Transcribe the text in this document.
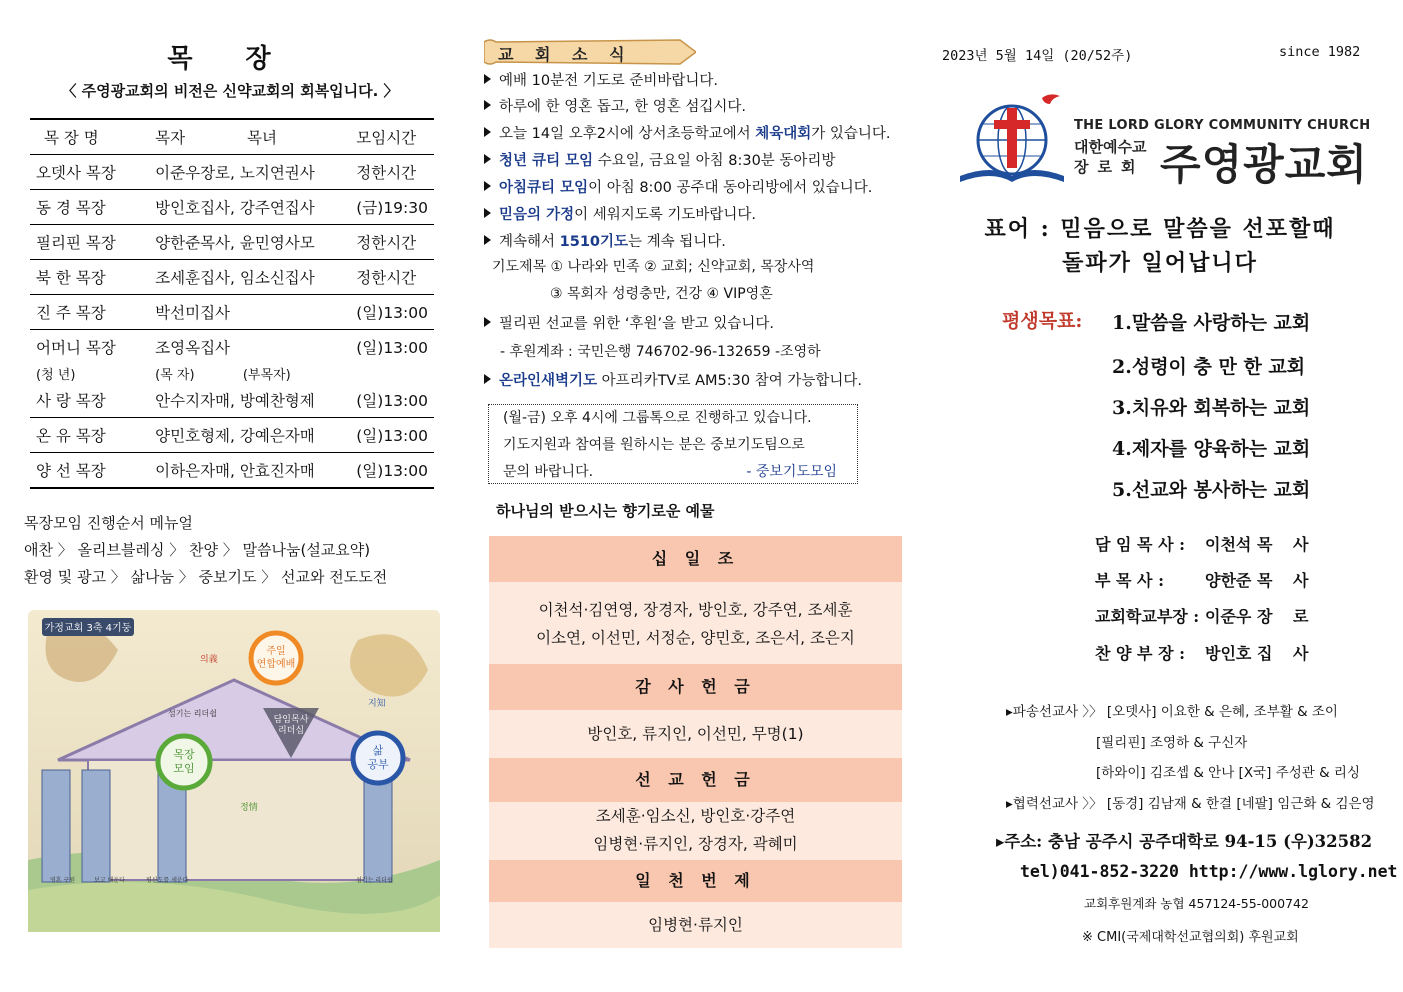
목 장
〈 주영광교회의 비전은 신약교회의 회복입니다. 〉
목 장 명	목자 목녀	모임시간
오뎃사 목장	이준우장로, 노지연권사	정한시간
동 경 목장	방인호집사, 강주연집사	(금)19:30
필리핀 목장	양한준목사, 윤민영사모	정한시간
북 한 목장	조세훈집사, 임소신집사	정한시간
진 주 목장	박선미집사	(일)13:00
어머니 목장	조영옥집사	(일)13:00
(청 년)	(목 자) (부목자)	
사 랑 목장	안수지자매, 방예찬형제	(일)13:00
온 유 목장	양민호형제, 강예은자매	(일)13:00
양 선 목장	이하은자매, 안효진자매	(일)13:00
목장모임 진행순서 메뉴얼
애찬 〉 올리브블레싱 〉 찬양 〉 말씀나눔(설교요약)
환영 및 광고 〉 삶나눔 〉 중보기도 〉 선교와 전도도전
담임목사
리더십
주일
연합예배
목장
모임
삶
공부
가정교회 3축 4기둥
의義
지知
정情
섬기는 리더쉽
영혼 구원	보고 배운다	평신도를 세운다	섬기는 리더쉽
교 회 소 식
예배 10분전 기도로 준비바랍니다.
하루에 한 영혼 돕고, 한 영혼 섬깁시다.
오늘 14일 오후2시에 상서초등학교에서 체육대회가 있습니다.
청년 큐티 모임 수요일, 금요일 아침 8:30분 동아리방
아침큐티 모임이 아침 8:00 공주대 동아리방에서 있습니다.
믿음의 가정이 세워지도록 기도바랍니다.
계속해서 1510기도는 계속 됩니다.
기도제목 ① 나라와 민족 ② 교회; 신약교회, 목장사역
③ 목회자 성령충만, 건강 ④ VIP영혼
필리핀 선교를 위한 ‘후원’을 받고 있습니다.
- 후원계좌 : 국민은행 746702-96-132659 -조영하
온라인새벽기도 아프리카TV로 AM5:30 참여 가능합니다.
(월-금) 오후 4시에 그룹톡으로 진행하고 있습니다.
기도지원과 참여를 원하시는 분은 중보기도팀으로
문의 바랍니다.	- 중보기도모임
하나님의 받으시는 향기로운 예물
십 일 조
이천석·김연영, 장경자, 방인호, 강주연, 조세훈
이소연, 이선민, 서정순, 양민호, 조은서, 조은지
감 사 헌 금
방인호, 류지인, 이선민, 무명(1)
선 교 헌 금
조세훈·임소신, 방인호·강주연
임병현·류지인, 장경자, 곽혜미
일 천 번 제
임병현·류지인
2023년 5월 14일 (20/52주)	since 1982
THE LORD GLORY COMMUNITY CHURCH
대한예수교
장로회 주영광교회
표어 : 믿음으로 말씀을 선포할때
돌파가 일어납니다
평생목표: 1.말씀을 사랑하는 교회
2.성령이 충 만 한 교회
3.치유와 회복하는 교회
4.제자를 양육하는 교회
5.선교와 봉사하는 교회
담 임 목 사 : 이천석 목 사
부 목 사 :	양한준 목 사
교회학교부장 : 이준우 장 로
찬 양 부 장 : 방인호 집 사
▸파송선교사 〉〉 [오뎃사] 이요한 & 은혜, 조부활 & 조이
[필리핀] 조영하 & 구신자
[하와이] 김조셉 & 안나 [X국] 주성관 & 리싱
▸협력선교사 〉〉 [동경] 김남재 & 한결 [네팔] 임근화 & 김은영
▸주소: 충남 공주시 공주대학로 94-15 (우)32582
tel)041-852-3220 http://www.lglory.net
교회후원계좌 농협 457124-55-000742
※ CMI(국제대학선교협의회) 후원교회
